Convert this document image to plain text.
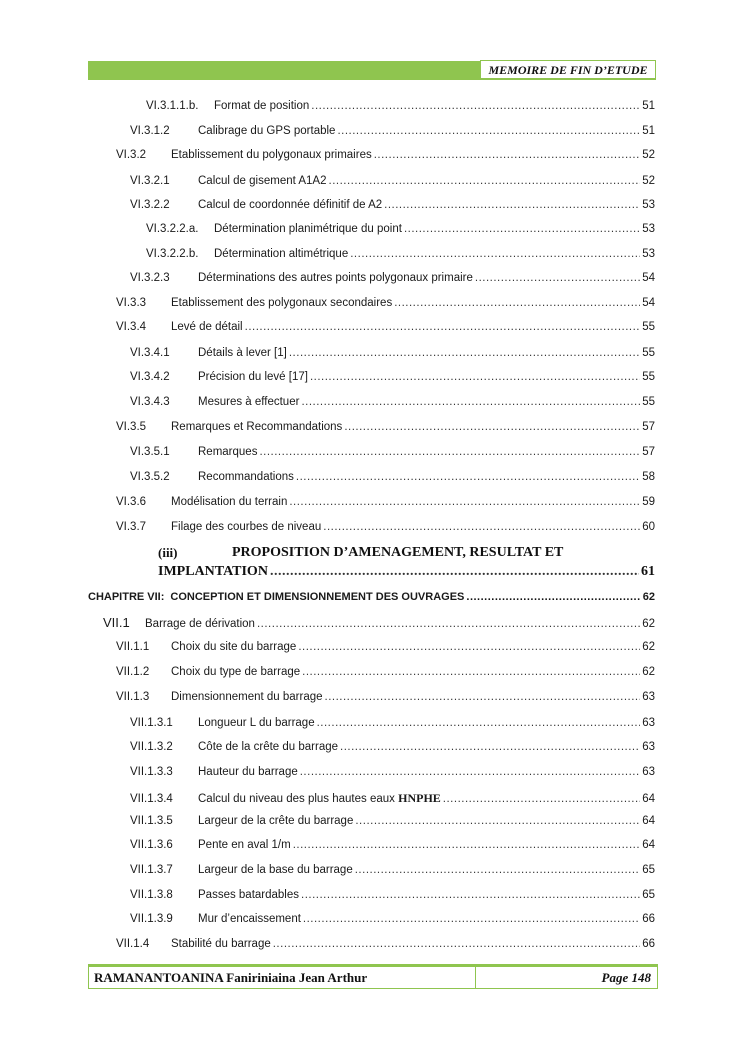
MEMOIRE DE FIN D’ETUDE
VI.3.1.1.b.	Format de position .....	51
VI.3.1.2	Calibrage du GPS portable .....	51
VI.3.2	Etablissement du polygonaux primaires .....	52
VI.3.2.1	Calcul de gisement A1A2 .....	52
VI.3.2.2	Calcul de coordonnée définitif de A2 .....	53
VI.3.2.2.a.	Détermination planimétrique du point .....	53
VI.3.2.2.b.	Détermination altimétrique .....	53
VI.3.2.3	Déterminations des autres points polygonaux primaire .....	54
VI.3.3	Etablissement des polygonaux secondaires .....	54
VI.3.4	Levé de détail .....	55
VI.3.4.1	Détails à lever [1] .....	55
VI.3.4.2	Précision du levé [17] .....	55
VI.3.4.3	Mesures à effectuer .....	55
VI.3.5	Remarques et Recommandations .....	57
VI.3.5.1	Remarques .....	57
VI.3.5.2	Recommandations .....	58
VI.3.6	Modélisation du terrain .....	59
VI.3.7	Filage des courbes de niveau .....	60
(iii)	PROPOSITION D’AMENAGEMENT, RESULTAT ET
IMPLANTATION .....	61
CHAPITRE VII: CONCEPTION ET DIMENSIONNEMENT DES OUVRAGES .....	62
VII.1	Barrage de dérivation .....	62
VII.1.1	Choix du site du barrage .....	62
VII.1.2	Choix du type de barrage .....	62
VII.1.3	Dimensionnement du barrage .....	63
VII.1.3.1	Longueur L du barrage .....	63
VII.1.3.2	Côte de la crête du barrage .....	63
VII.1.3.3	Hauteur du barrage .....	63
VII.1.3.4	Calcul du niveau des plus hautes eaux HNPHE .....	64
VII.1.3.5	Largeur de la crête du barrage .....	64
VII.1.3.6	Pente en aval 1/m .....	64
VII.1.3.7	Largeur de la base du barrage .....	65
VII.1.3.8	Passes batardables .....	65
VII.1.3.9	Mur d’encaissement .....	66
VII.1.4	Stabilité du barrage .....	66
RAMANANTOANINA Faniriniaina Jean Arthur	Page 148
